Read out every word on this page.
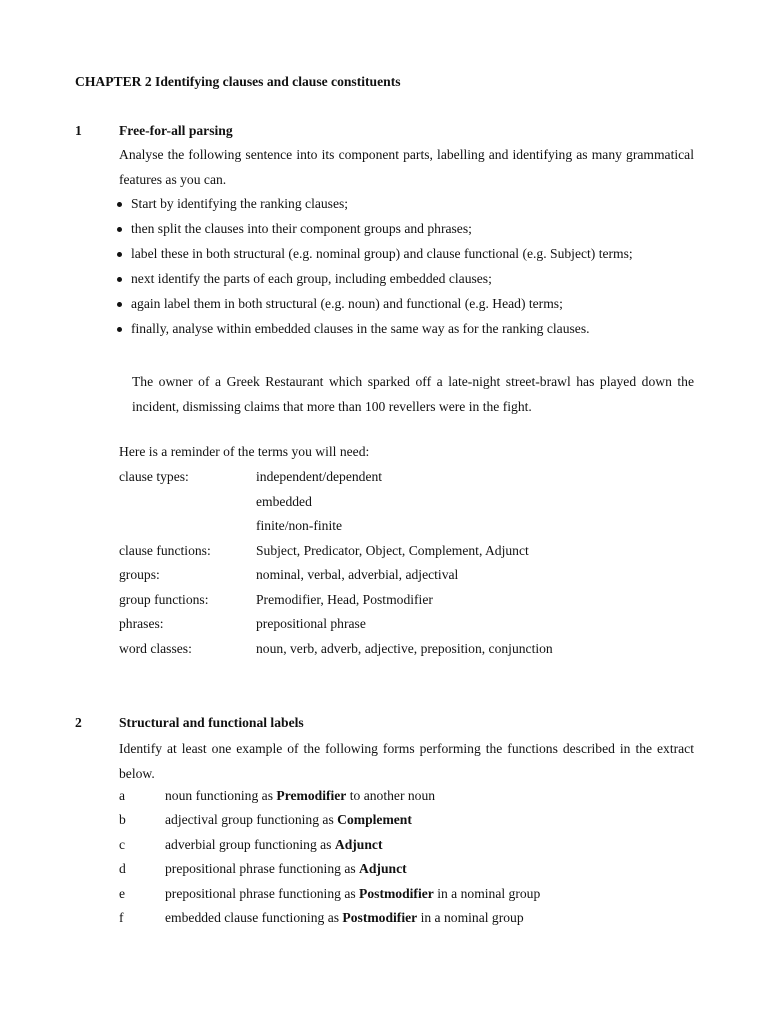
CHAPTER 2 Identifying clauses and clause constituents
1	Free-for-all parsing
Analyse the following sentence into its component parts, labelling and identifying as many grammatical features as you can.
Start by identifying the ranking clauses;
then split the clauses into their component groups and phrases;
label these in both structural (e.g. nominal group) and clause functional (e.g. Subject) terms;
next identify the parts of each group, including embedded clauses;
again label them in both structural (e.g. noun) and functional (e.g. Head) terms;
finally, analyse within embedded clauses in the same way as for the ranking clauses.
The owner of a Greek Restaurant which sparked off a late-night street-brawl has played down the incident, dismissing claims that more than 100 revellers were in the fight.
Here is a reminder of the terms you will need:
clause types:	independent/dependent
embedded
finite/non-finite
clause functions:	Subject, Predicator, Object, Complement, Adjunct
groups:	nominal, verbal, adverbial, adjectival
group functions:	Premodifier, Head, Postmodifier
phrases:	prepositional phrase
word classes:	noun, verb, adverb, adjective, preposition, conjunction
2	Structural and functional labels
Identify at least one example of the following forms performing the functions described in the extract below.
a	noun functioning as Premodifier to another noun
b	adjectival group functioning as Complement
c	adverbial group functioning as Adjunct
d	prepositional phrase functioning as Adjunct
e	prepositional phrase functioning as Postmodifier in a nominal group
f	embedded clause functioning as Postmodifier in a nominal group
